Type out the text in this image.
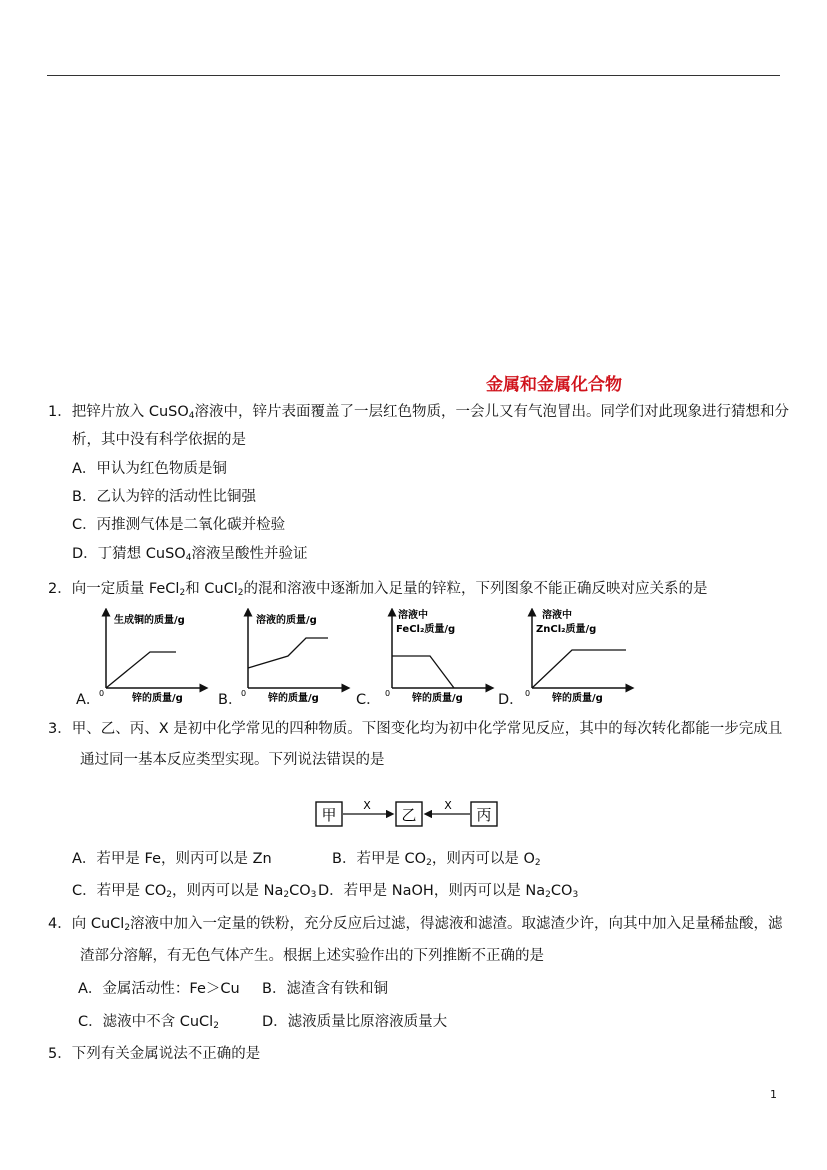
金属和金属化合物
1．把锌片放入 CuSO$_4$溶液中，锌片表面覆盖了一层红色物质，一会儿又有气泡冒出。同学们对此现象进行猜想和分
析，其中没有科学依据的是
A．甲认为红色物质是铜
B．乙认为锌的活动性比铜强
C．丙推测气体是二氧化碳并检验
D．丁猜想 CuSO$_4$溶液呈酸性并验证
2．向一定质量 FeCl$_2$和 CuCl$_2$的混和溶液中逐渐加入足量的锌粒，下列图象不能正确反映对应关系的是
A．
生成铜的质量/g
锌的质量/g
0	B．
溶液的质量/g
锌的质量/g
0	C．
溶液中
FeCl₂质量/g
锌的质量/g
0	D．
溶液中
ZnCl₂质量/g
锌的质量/g
0
3．甲、乙、丙、X 是初中化学常见的四种物质。下图变化均为初中化学常见反应，其中的每次转化都能一步完成且
通过同一基本反应类型实现。下列说法错误的是
甲
X
乙
X
丙
A．若甲是 Fe，则丙可以是 Zn	B．若甲是 $CO_2$，则丙可以是 $O_2$
C．若甲是 $CO_2$，则丙可以是 $Na_2CO_3$ D．若甲是 NaOH，则丙可以是 $Na_2CO_3$
4．向 CuCl$_2$溶液中加入一定量的铁粉，充分反应后过滤，得滤液和滤渣。取滤渣少许，向其中加入足量稀盐酸，滤
渣部分溶解，有无色气体产生。根据上述实验作出的下列推断不正确的是
A．金属活动性：Fe＞Cu B．滤渣含有铁和铜
C．滤液中不含 CuCl$_2$	D．滤液质量比原溶液质量大
5．下列有关金属说法不正确的是
1
